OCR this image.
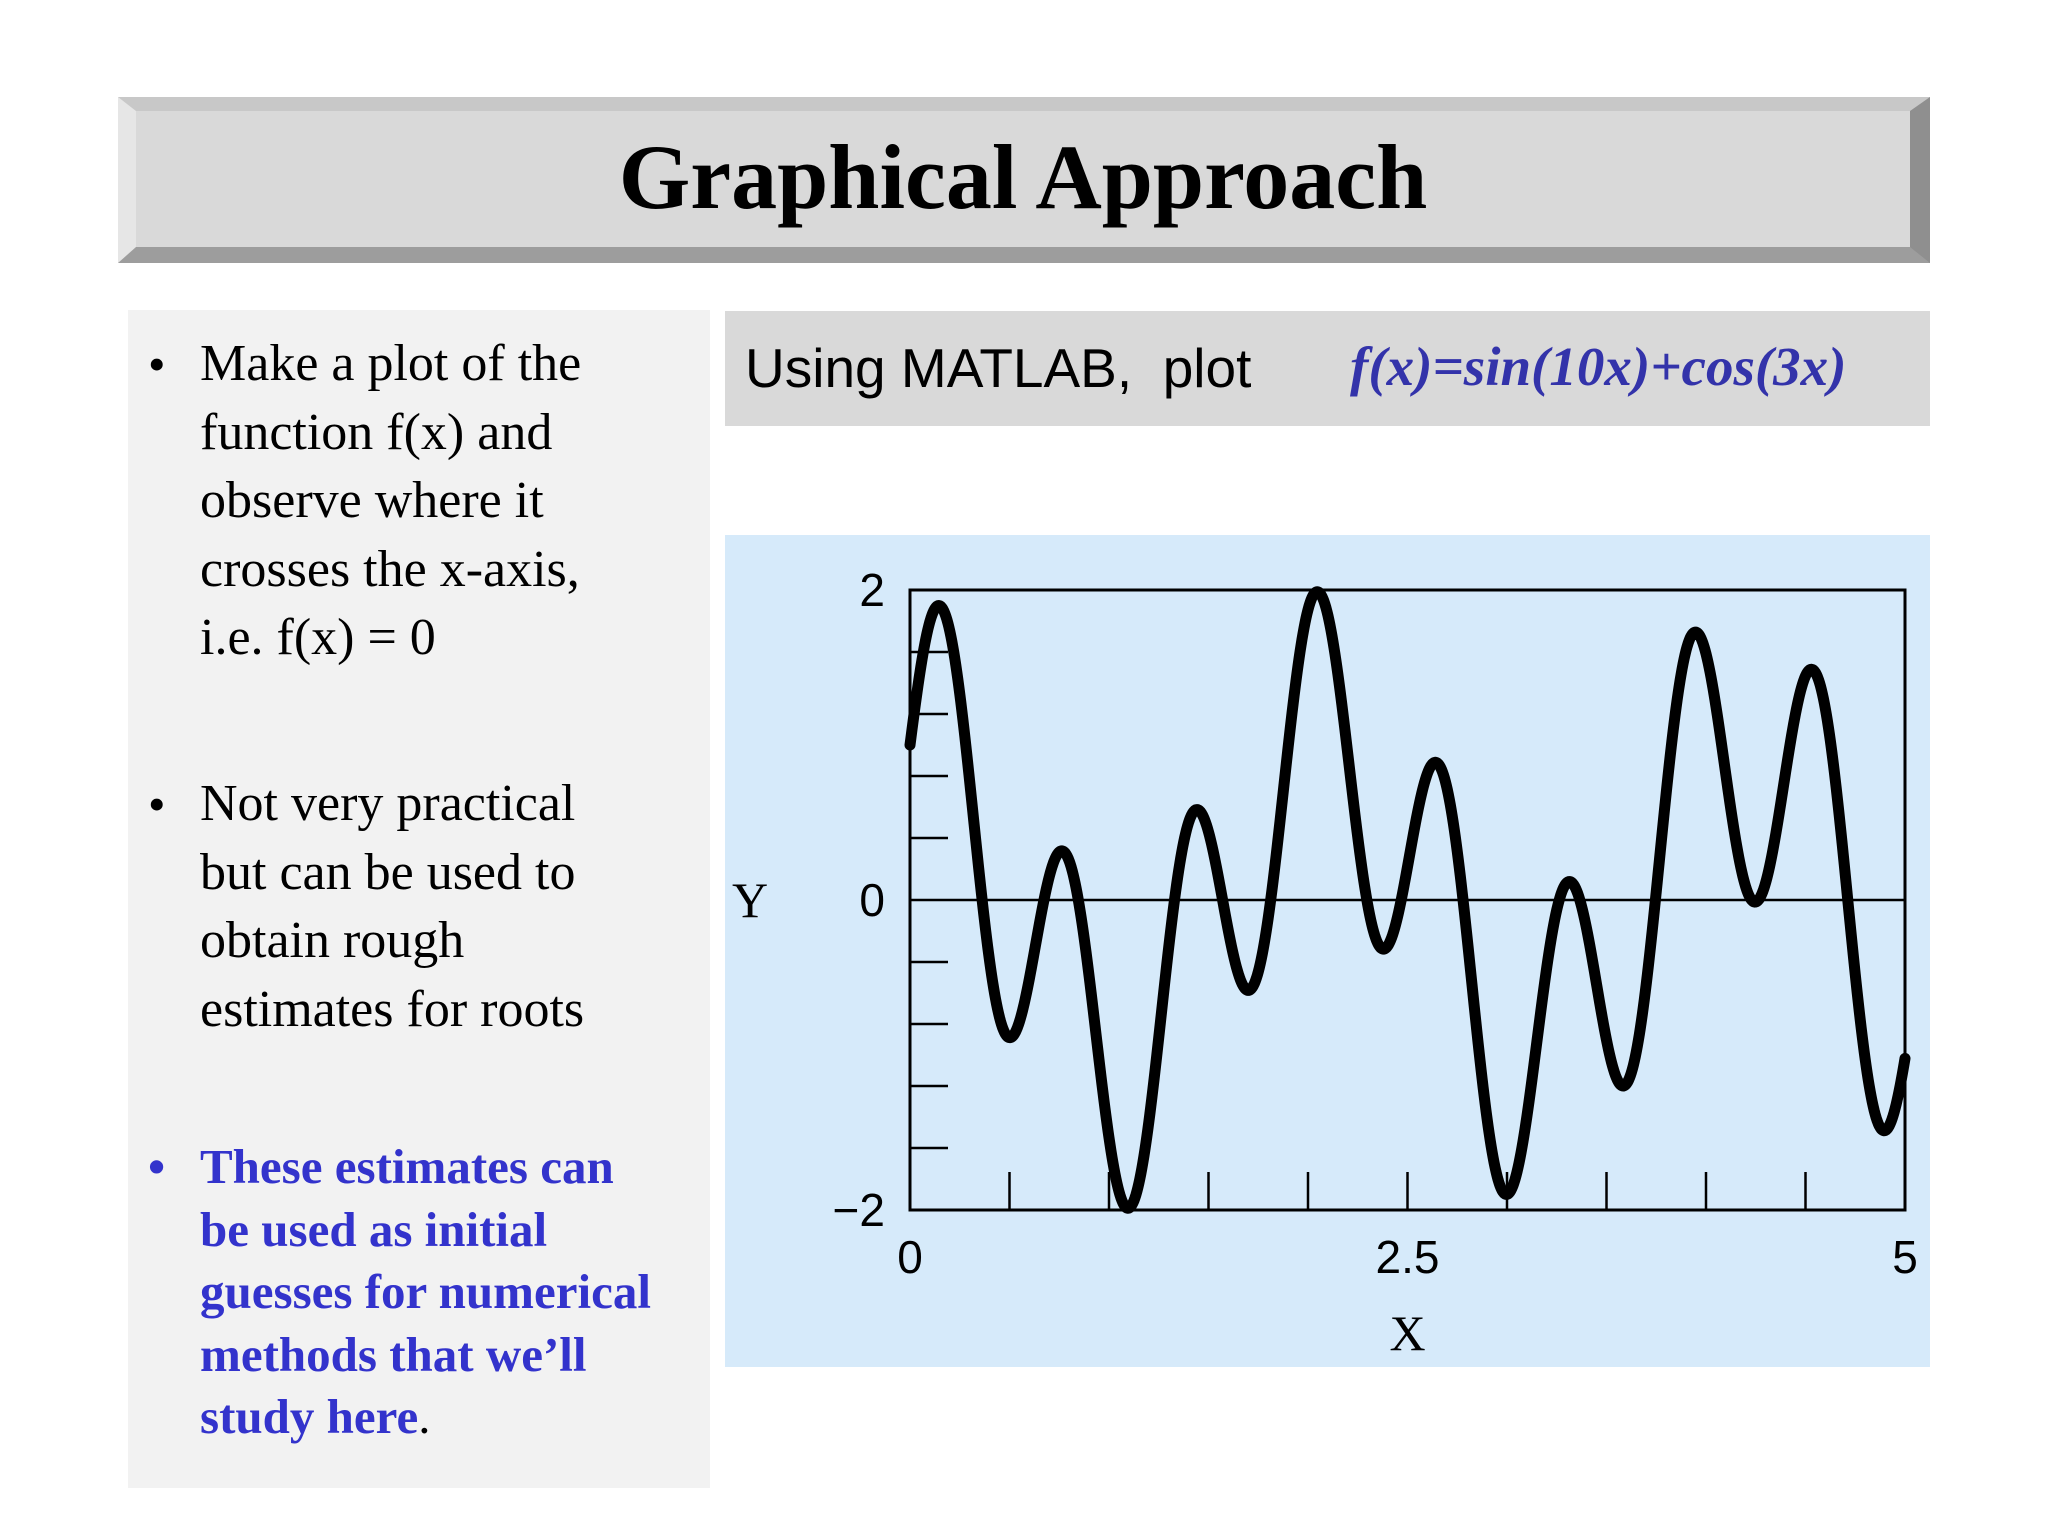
Graphical Approach
• Make a plot of the
function f(x) and
observe where it
crosses the x-axis,
i.e. f(x) = 0
• Not very practical
but can be used to
obtain rough
estimates for roots
• These estimates can
be used as initial
guesses for numerical
methods that we’ll
study here.
Using MATLAB,  plot f(x)=sin(10x)+cos(3x)
2
0
−2
0	2.5	5
Y
X
